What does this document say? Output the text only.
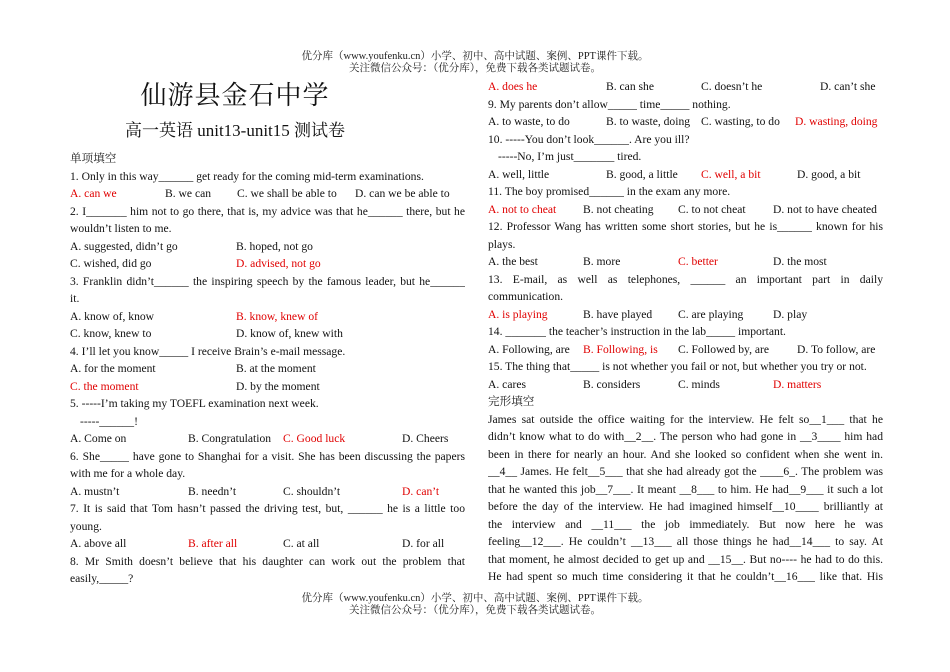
优分库（www.youfenku.cn）小学、初中、高中试题、案例、PPT课件下载。
关注微信公众号：（优分库），免费下载各类试题试卷。
仙游县金石中学
高一英语 unit13-unit15 测试卷
单项填空
1. Only in this way______ get ready for the coming mid-term examinations.
A. can we	B. we can	C. we shall be able to	D. can we be able to
2. I_______ him not to go there, that is, my advice was that he______ there, but he
wouldn’t listen to me.
A. suggested, didn’t go	B. hoped, not go
C. wished, did go	D. advised, not go
3. Franklin didn’t______ the inspiring speech by the famous leader, but he______
it.
A. know of, know	B. know, knew of
C. know, knew to	D. know of, knew with
4. I’ll let you know_____ I receive Brain’s e-mail message.
A. for the moment	B. at the moment
C. the moment	D. by the moment
5. -----I’m taking my TOEFL examination next week.
-----______!
A. Come on	B. Congratulation	C. Good luck	D. Cheers
6. She_____ have gone to Shanghai for a visit. She has been discussing the papers
with me for a whole day.
A. mustn’t	B. needn’t	C. shouldn’t	D. can’t
7. It is said that Tom hasn’t passed the driving test, but, ______ he is a little too
young.
A. above all	B. after all	C. at all	D. for all
8. Mr Smith doesn’t believe that his daughter can work out the problem that
easily,_____?
A. does he	B. can she	C. doesn’t he	D. can’t she
9. My parents don’t allow_____ time_____ nothing.
A. to waste, to do	B. to waste, doing C. wasting, to do	D. wasting, doing
10. -----You don’t look______. Are you ill?
-----No, I’m just_______ tired.
A. well, little	B. good, a little	C. well, a bit	D. good, a bit
11. The boy promised______ in the exam any more.
A. not to cheat	B. not cheating	C. to not cheat	D. not to have cheated
12. Professor Wang has written some short stories, but he is______ known for his
plays.
A. the best	B. more	C. better	D. the most
13. E-mail, as well as telephones, ______ an important part in daily
communication.
A. is playing	B. have played	C. are playing	D. play
14. _______ the teacher’s instruction in the lab_____ important.
A. Following, are	B. Following, is	C. Followed by, are	D. To follow, are
15. The thing that_____ is not whether you fail or not, but whether you try or not.
A. cares	B. considers	C. minds	D. matters
完形填空
James sat outside the office waiting for the interview. He felt so__1___ that he
didn’t know what to do with__2__. The person who had gone in __3____ him had
been in there for nearly an hour. And she looked so confident when she went in.
__4__ James. He felt__5___ that she had already got the ____6_. The problem was
that he wanted this job__7___. It meant __8___ to him. He had__9___ it such a lot
before the day of the interview. He had imagined himself__10____ brilliantly at
the interview and __11___ the job immediately. But now here he was
feeling__12___. He couldn’t __13___ all those things he had__14___ to say. At
that moment, he almost decided to get up and __15__. But no---- he had to do this.
He had spent so much time considering it that he couldn’t__16___ like that. His
优分库（www.youfenku.cn）小学、初中、高中试题、案例、PPT课件下载。
关注微信公众号：（优分库），免费下载各类试题试卷。
